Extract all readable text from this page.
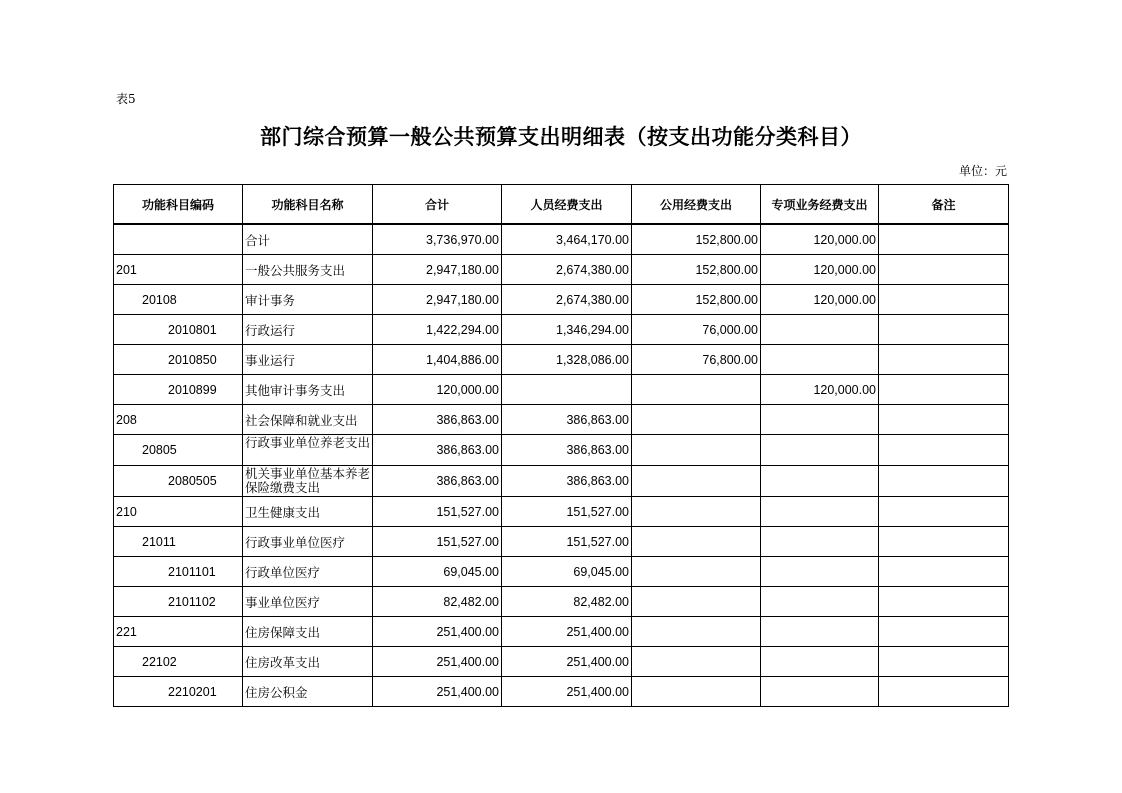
表5
部门综合预算一般公共预算支出明细表（按支出功能分类科目）
单位：元
功能科目编码	功能科目名称	合计	人员经费支出	公用经费支出	专项业务经费支出	备注
	合计	3,736,970.00	3,464,170.00	152,800.00	120,000.00	
201	一般公共服务支出	2,947,180.00	2,674,380.00	152,800.00	120,000.00	
20108	审计事务	2,947,180.00	2,674,380.00	152,800.00	120,000.00	
2010801	行政运行	1,422,294.00	1,346,294.00	76,000.00		
2010850	事业运行	1,404,886.00	1,328,086.00	76,800.00		
2010899	其他审计事务支出	120,000.00			120,000.00	
208	社会保障和就业支出	386,863.00	386,863.00			
20805	行政事业单位养老支出	386,863.00	386,863.00			
2080505	机关事业单位基本养老保险缴费支出	386,863.00	386,863.00			
210	卫生健康支出	151,527.00	151,527.00			
21011	行政事业单位医疗	151,527.00	151,527.00			
2101101	行政单位医疗	69,045.00	69,045.00			
2101102	事业单位医疗	82,482.00	82,482.00			
221	住房保障支出	251,400.00	251,400.00			
22102	住房改革支出	251,400.00	251,400.00			
2210201	住房公积金	251,400.00	251,400.00			
